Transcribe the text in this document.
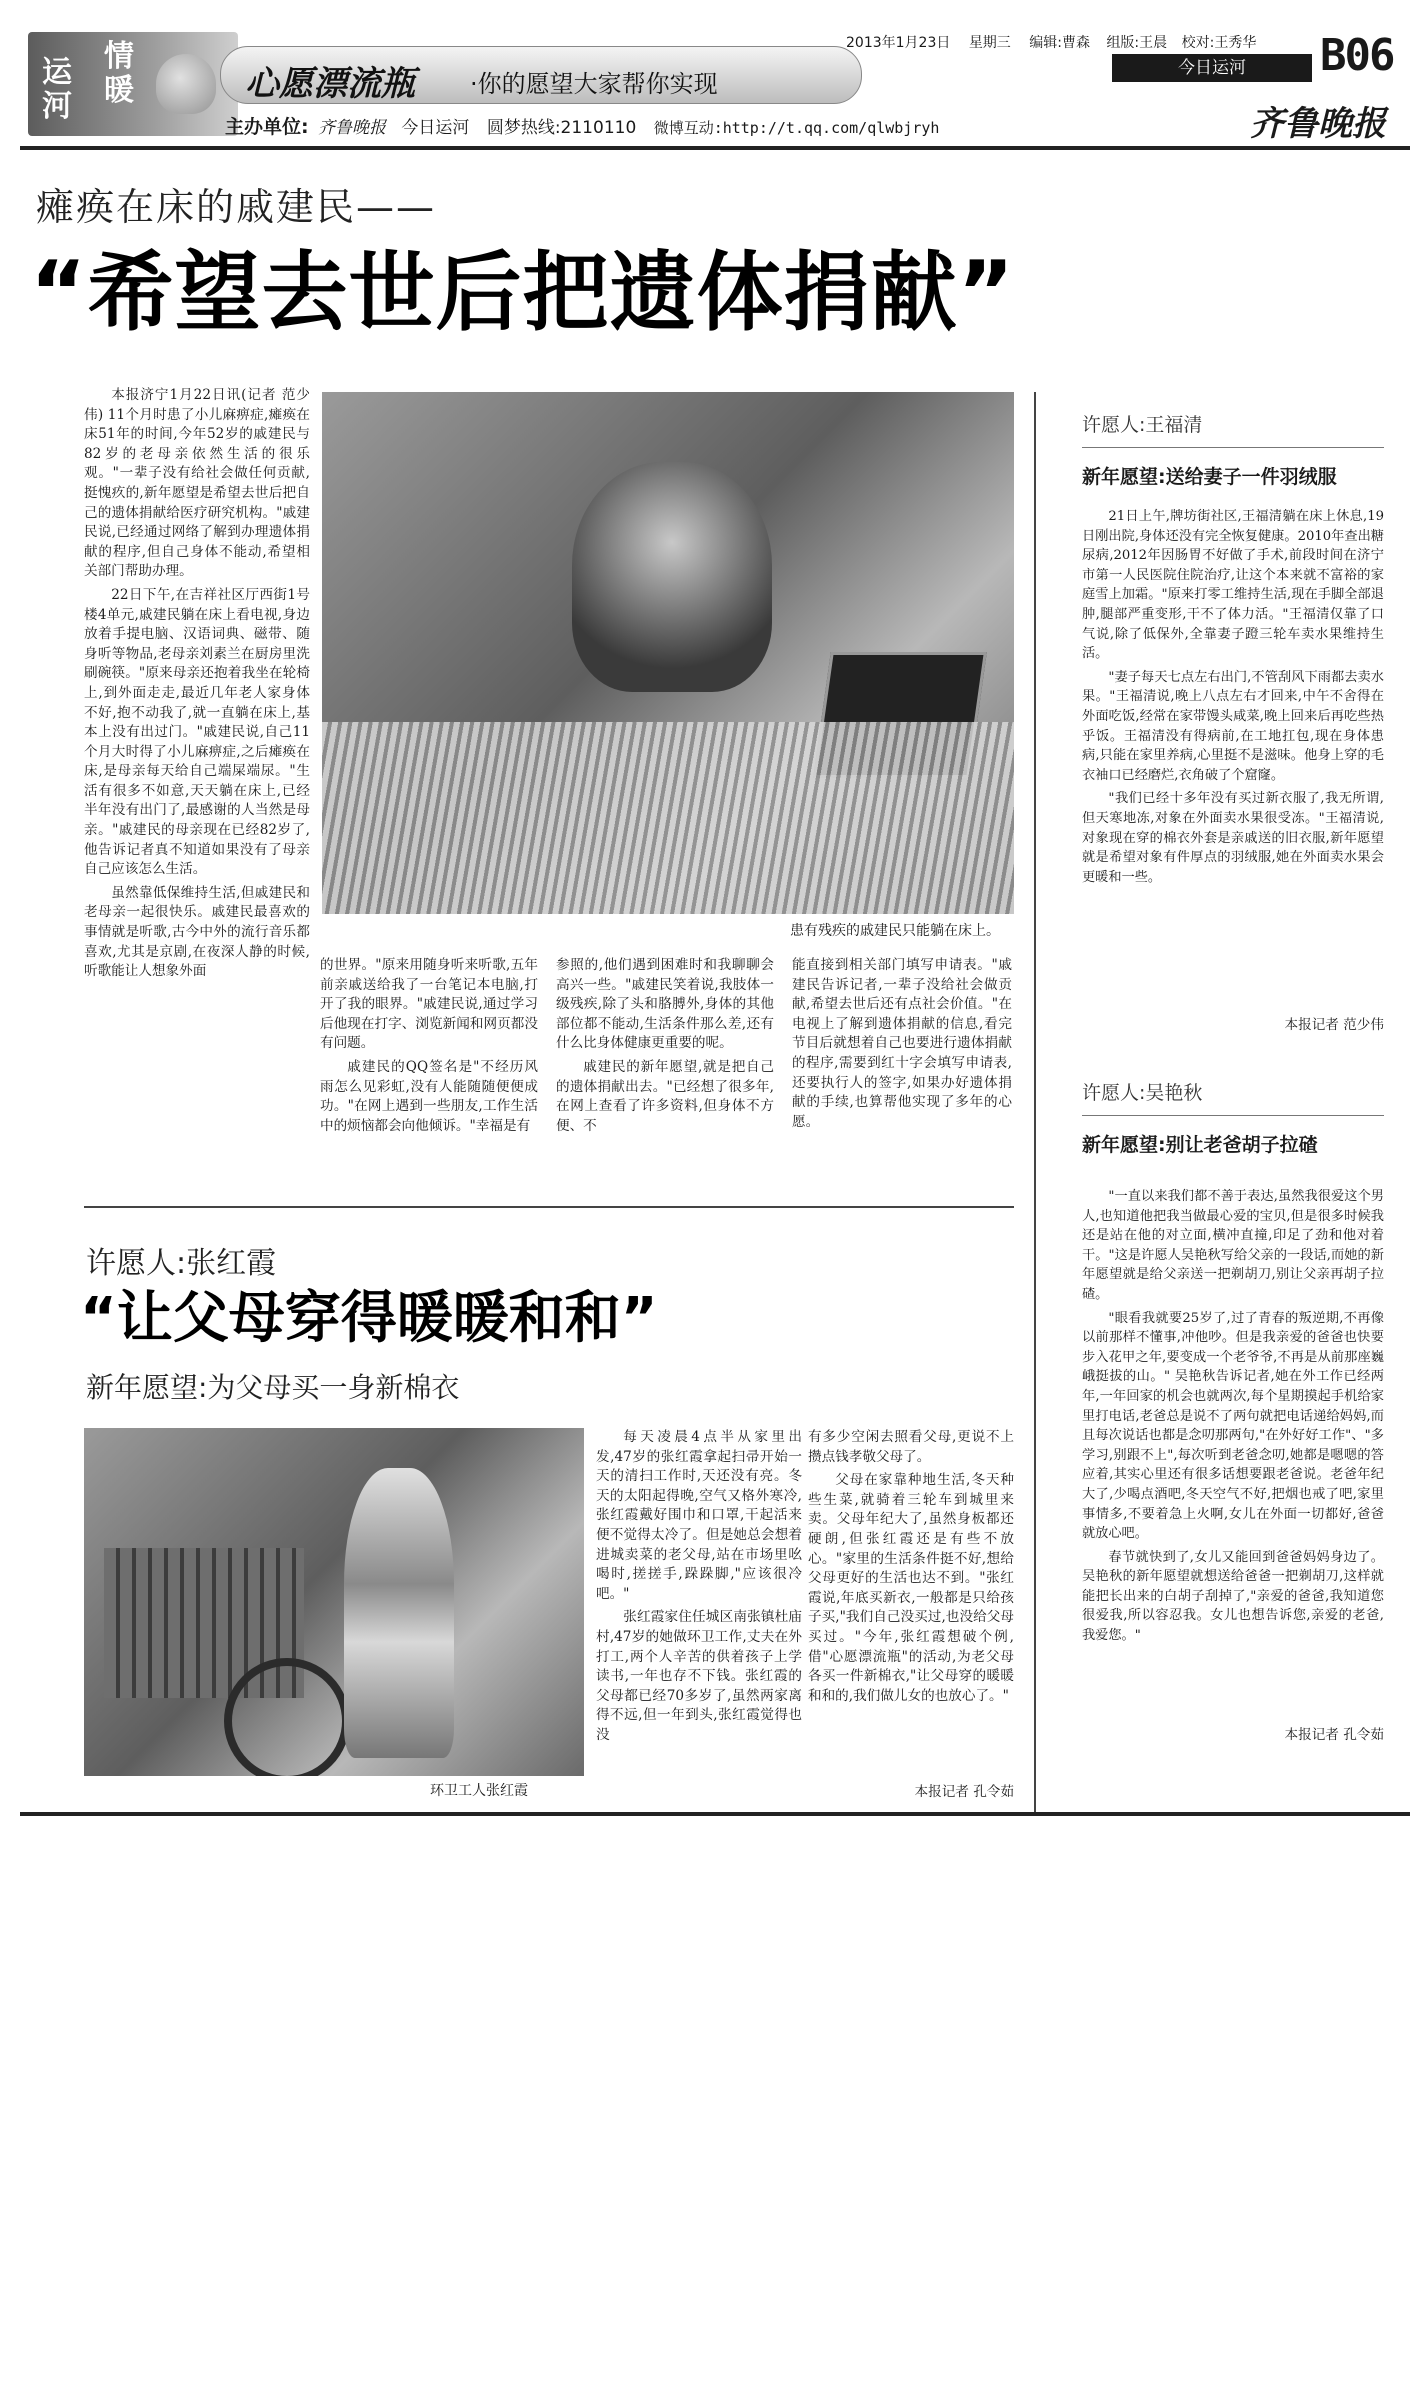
运河
情暖	心愿漂流瓶 ·你的愿望大家帮你实现
主办单位: 齐鲁晚报 今日运河 圆梦热线:2110110 微博互动:http://t.qq.com/qlwbjryh
2013年1月23日 星期三 编辑:曹森 组版:王晨 校对:王秀华
今日运河	B06
齐鲁晚报
瘫痪在床的戚建民——
“希望去世后把遗体捐献”

本报济宁1月22日讯(记者 范少伟) 11个月时患了小儿麻痹症,瘫痪在床51年的时间,今年52岁的戚建民与82岁的老母亲依然生活的很乐观。"一辈子没有给社会做任何贡献,挺愧疚的,新年愿望是希望去世后把自己的遗体捐献给医疗研究机构。"戚建民说,已经通过网络了解到办理遗体捐献的程序,但自己身体不能动,希望相关部门帮助办理。

22日下午,在吉祥社区厅西街1号楼4单元,戚建民躺在床上看电视,身边放着手提电脑、汉语词典、磁带、随身听等物品,老母亲刘素兰在厨房里洗刷碗筷。"原来母亲还抱着我坐在轮椅上,到外面走走,最近几年老人家身体不好,抱不动我了,就一直躺在床上,基本上没有出过门。"戚建民说,自己11个月大时得了小儿麻痹症,之后瘫痪在床,是母亲每天给自己端屎端尿。"生活有很多不如意,天天躺在床上,已经半年没有出门了,最感谢的人当然是母亲。"戚建民的母亲现在已经82岁了,他告诉记者真不知道如果没有了母亲自己应该怎么生活。

虽然靠低保维持生活,但戚建民和老母亲一起很快乐。戚建民最喜欢的事情就是听歌,古今中外的流行音乐都喜欢,尤其是京剧,在夜深人静的时候,听歌能让人想象外面

患有残疾的戚建民只能躺在床上。

的世界。"原来用随身听来听歌,五年前亲戚送给我了一台笔记本电脑,打开了我的眼界。"戚建民说,通过学习后他现在打字、浏览新闻和网页都没有问题。

戚建民的QQ签名是"不经历风雨怎么见彩虹,没有人能随随便便成功。"在网上遇到一些朋友,工作生活中的烦恼都会向他倾诉。"幸福是有

参照的,他们遇到困难时和我聊聊会高兴一些。"戚建民笑着说,我肢体一级残疾,除了头和胳膊外,身体的其他部位都不能动,生活条件那么差,还有什么比身体健康更重要的呢。

戚建民的新年愿望,就是把自己的遗体捐献出去。"已经想了很多年,在网上查看了许多资料,但身体不方便、不

能直接到相关部门填写申请表。"戚建民告诉记者,一辈子没给社会做贡献,希望去世后还有点社会价值。"在电视上了解到遗体捐献的信息,看完节目后就想着自己也要进行遗体捐献的程序,需要到红十字会填写申请表,还要执行人的签字,如果办好遗体捐献的手续,也算帮他实现了多年的心愿。

许愿人:王福清
新年愿望:送给妻子一件羽绒服

21日上午,牌坊街社区,王福清躺在床上休息,19日刚出院,身体还没有完全恢复健康。2010年查出糖尿病,2012年因肠胃不好做了手术,前段时间在济宁市第一人民医院住院治疗,让这个本来就不富裕的家庭雪上加霜。"原来打零工维持生活,现在手脚全部退肿,腿部严重变形,干不了体力活。"王福清仅靠了口气说,除了低保外,全靠妻子蹬三轮车卖水果维持生活。

"妻子每天七点左右出门,不管刮风下雨都去卖水果。"王福清说,晚上八点左右才回来,中午不舍得在外面吃饭,经常在家带馒头咸菜,晚上回来后再吃些热乎饭。王福清没有得病前,在工地扛包,现在身体患病,只能在家里养病,心里挺不是滋味。他身上穿的毛衣袖口已经磨烂,衣角破了个窟窿。

"我们已经十多年没有买过新衣服了,我无所谓,但天寒地冻,对象在外面卖水果很受冻。"王福清说,对象现在穿的棉衣外套是亲戚送的旧衣服,新年愿望就是希望对象有件厚点的羽绒服,她在外面卖水果会更暖和一些。

本报记者 范少伟
许愿人:吴艳秋
新年愿望:别让老爸胡子拉碴

"一直以来我们都不善于表达,虽然我很爱这个男人,也知道他把我当做最心爱的宝贝,但是很多时候我还是站在他的对立面,横冲直撞,印足了劲和他对着干。"这是许愿人吴艳秋写给父亲的一段话,而她的新年愿望就是给父亲送一把剃胡刀,别让父亲再胡子拉碴。

"眼看我就要25岁了,过了青春的叛逆期,不再像以前那样不懂事,冲他吵。但是我亲爱的爸爸也快要步入花甲之年,要变成一个老爷爷,不再是从前那座巍峨挺拔的山。" 吴艳秋告诉记者,她在外工作已经两年,一年回家的机会也就两次,每个星期摸起手机给家里打电话,老爸总是说不了两句就把电话递给妈妈,而且每次说话也都是念叨那两句,"在外好好工作"、"多学习,别跟不上",每次听到老爸念叨,她都是嗯嗯的答应着,其实心里还有很多话想要跟老爸说。老爸年纪大了,少喝点酒吧,冬天空气不好,把烟也戒了吧,家里事情多,不要着急上火啊,女儿在外面一切都好,爸爸就放心吧。

春节就快到了,女儿又能回到爸爸妈妈身边了。吴艳秋的新年愿望就想送给爸爸一把剃胡刀,这样就能把长出来的白胡子刮掉了,"亲爱的爸爸,我知道您很爱我,所以容忍我。女儿也想告诉您,亲爱的老爸,我爱您。"

本报记者 孔令茹
许愿人:张红霞
“让父母穿得暖暖和和”
新年愿望:为父母买一身新棉衣
环卫工人张红霞

每天凌晨4点半从家里出发,47岁的张红霞拿起扫帚开始一天的清扫工作时,天还没有亮。冬天的太阳起得晚,空气又格外寒冷,张红霞戴好围巾和口罩,干起活来便不觉得太冷了。但是她总会想着进城卖菜的老父母,站在市场里吆喝时,搓搓手,跺跺脚,"应该很冷吧。"

张红霞家住任城区南张镇杜庙村,47岁的她做环卫工作,丈夫在外打工,两个人辛苦的供着孩子上学读书,一年也存不下钱。张红霞的父母都已经70多岁了,虽然两家离得不远,但一年到头,张红霞觉得也没

有多少空闲去照看父母,更说不上攒点钱孝敬父母了。

父母在家靠种地生活,冬天种些生菜,就骑着三轮车到城里来卖。父母年纪大了,虽然身板都还硬朗,但张红霞还是有些不放心。"家里的生活条件挺不好,想给父母更好的生活也达不到。"张红霞说,年底买新衣,一般都是只给孩子买,"我们自己没买过,也没给父母买过。"今年,张红霞想破个例,借"心愿漂流瓶"的活动,为老父母各买一件新棉衣,"让父母穿的暖暖和和的,我们做儿女的也放心了。"

本报记者 孔令茹
